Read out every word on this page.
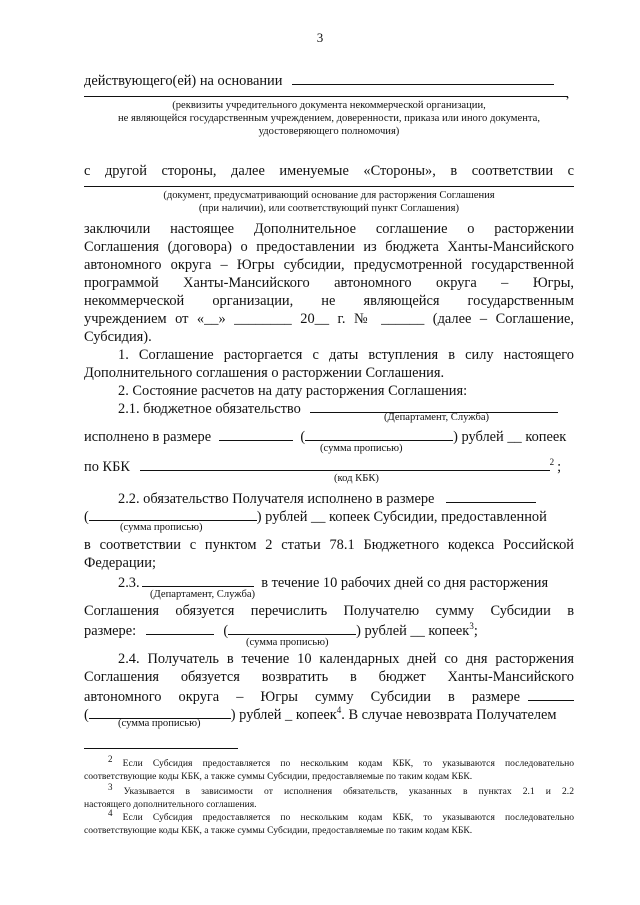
3
действующего(ей) на основании
,
(реквизиты учредительного документа некоммерческой организации,
не являющейся государственным учреждением, доверенности, приказа или иного документа,
удостоверяющего полномочия)
с другой стороны, далее именуемые «Стороны», в соответствии с
(документ, предусматривающий основание для расторжения Соглашения
(при наличии), или соответствующий пункт Соглашения)
заключили настоящее Дополнительное соглашение о расторжении
Соглашения (договора) о предоставлении из бюджета Ханты-Мансийского
автономного округа – Югры субсидии, предусмотренной государственной
программой Ханты-Мансийского автономного округа – Югры,
некоммерческой организации, не являющейся государственным
учреждением от «__» ________ 20__ г. № ______ (далее – Соглашение,
Субсидия).
1. Соглашение расторгается с даты вступления в силу настоящего
Дополнительного соглашения о расторжении Соглашения.
2. Состояние расчетов на дату расторжения Соглашения:
2.1. бюджетное обязательство
(Департамент, Служба)
исполнено в размере	(	) рублей __ копеек
(сумма прописью)
по КБК	$^2$ ;
(код КБК)
2.2. обязательство Получателя исполнено в размере
(	) рублей __ копеек Субсидии, предоставленной
(сумма прописью)
в соответствии с пунктом 2 статьи 78.1 Бюджетного кодекса Российской
Федерации;
2.3.	в течение 10 рабочих дней со дня расторжения
(Департамент, Служба)
Соглашения обязуется перечислить Получателю сумму Субсидии в
размере:	(	) рублей __ копеек$^3$;
(сумма прописью)
2.4. Получатель в течение 10 календарных дней со дня расторжения
Соглашения обязуется возвратить в бюджет Ханты-Мансийского
автономного округа – Югры сумму Субсидии в размере
(	) рублей _ копеек$^4$. В случае невозврата Получателем
(сумма прописью)
$^2$ Если Субсидия предоставляется по нескольким кодам КБК, то указываются последовательно
соответствующие коды КБК, а также суммы Субсидии, предоставляемые по таким кодам КБК.
$^3$ Указывается в зависимости от исполнения обязательств, указанных в пунктах 2.1 и 2.2
настоящего дополнительного соглашения.
$^4$ Если Субсидия предоставляется по нескольким кодам КБК, то указываются последовательно
соответствующие коды КБК, а также суммы Субсидии, предоставляемые по таким кодам КБК.
